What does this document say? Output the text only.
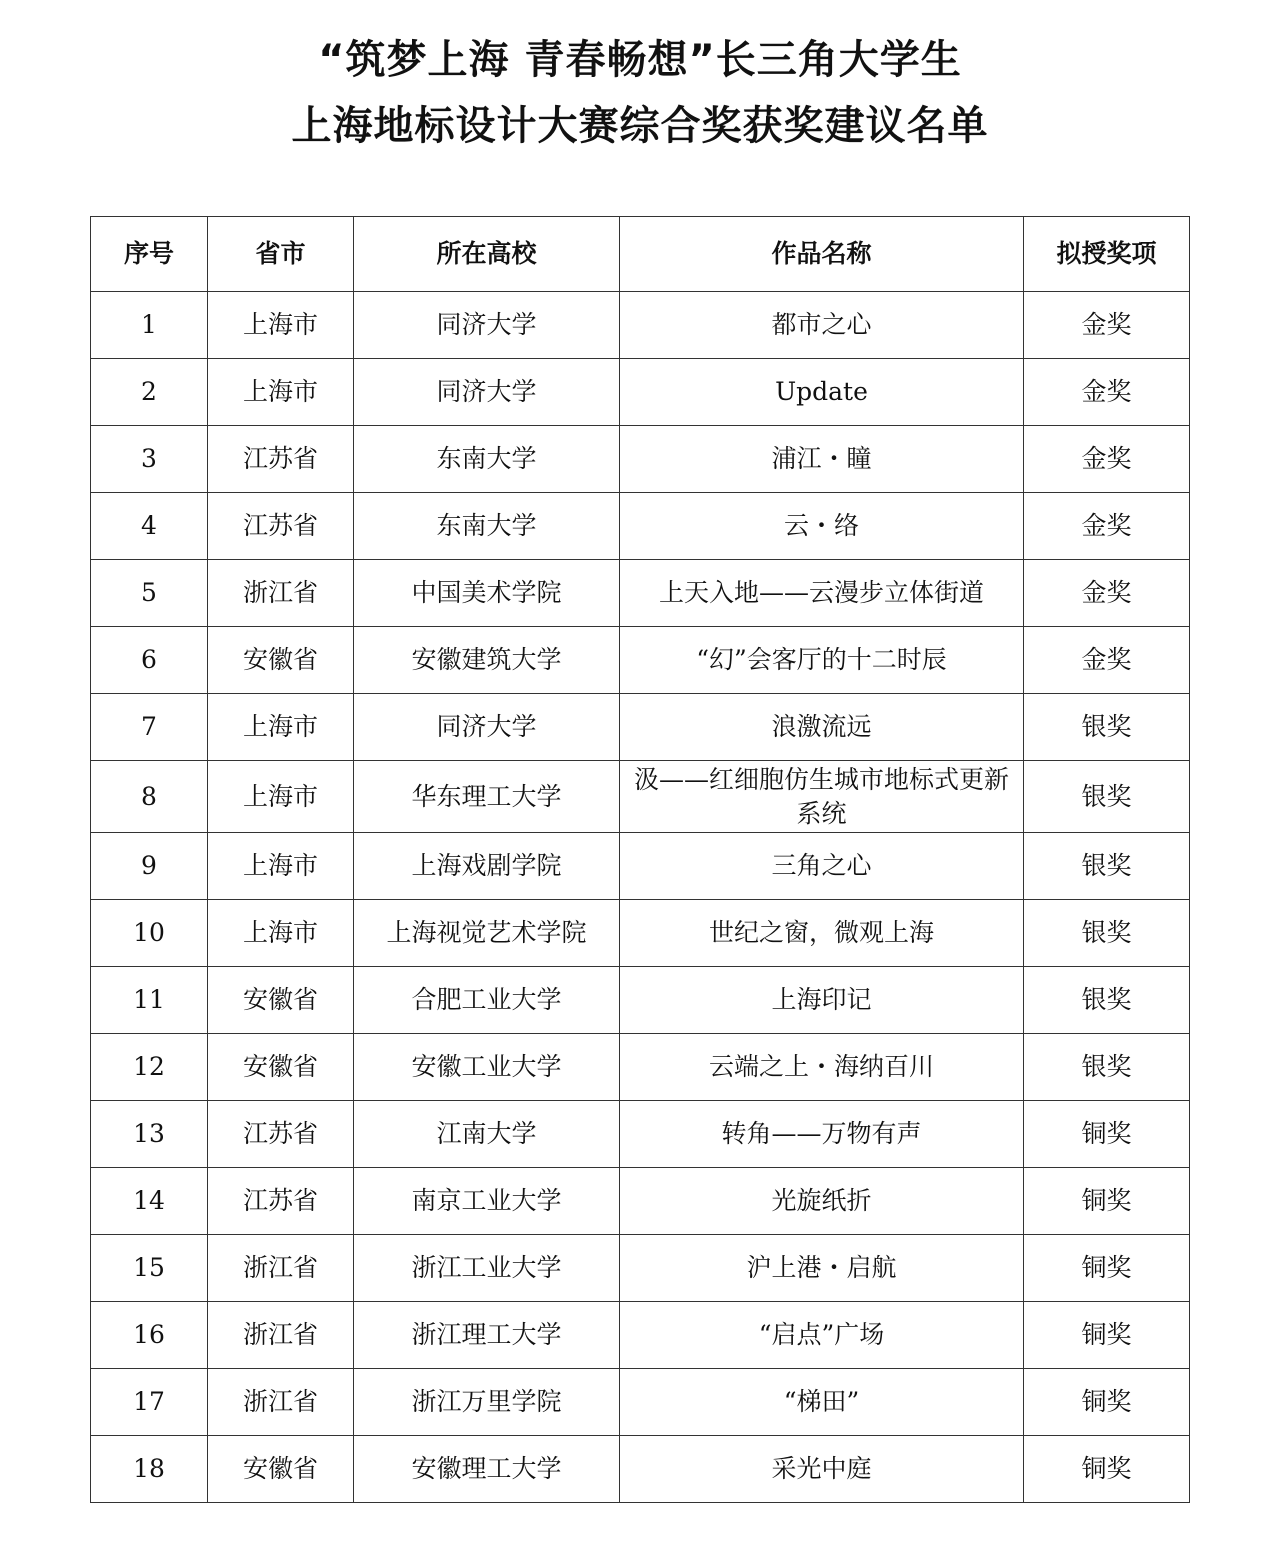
“筑梦上海 青春畅想”长三角大学生
上海地标设计大赛综合奖获奖建议名单
序号	省市	所在高校	作品名称	拟授奖项
1	上海市	同济大学	都市之心	金奖
2	上海市	同济大学	Update	金奖
3	江苏省	东南大学	浦江・瞳	金奖
4	江苏省	东南大学	云・络	金奖
5	浙江省	中国美术学院	上天入地——云漫步立体街道	金奖
6	安徽省	安徽建筑大学	“幻”会客厅的十二时辰	金奖
7	上海市	同济大学	浪激流远	银奖
8	上海市	华东理工大学	汲——红细胞仿生城市地标式更新系统	银奖
9	上海市	上海戏剧学院	三角之心	银奖
10	上海市	上海视觉艺术学院	世纪之窗，微观上海	银奖
11	安徽省	合肥工业大学	上海印记	银奖
12	安徽省	安徽工业大学	云端之上・海纳百川	银奖
13	江苏省	江南大学	转角——万物有声	铜奖
14	江苏省	南京工业大学	光旋纸折	铜奖
15	浙江省	浙江工业大学	沪上港・启航	铜奖
16	浙江省	浙江理工大学	“启点”广场	铜奖
17	浙江省	浙江万里学院	“梯田”	铜奖
18	安徽省	安徽理工大学	采光中庭	铜奖
